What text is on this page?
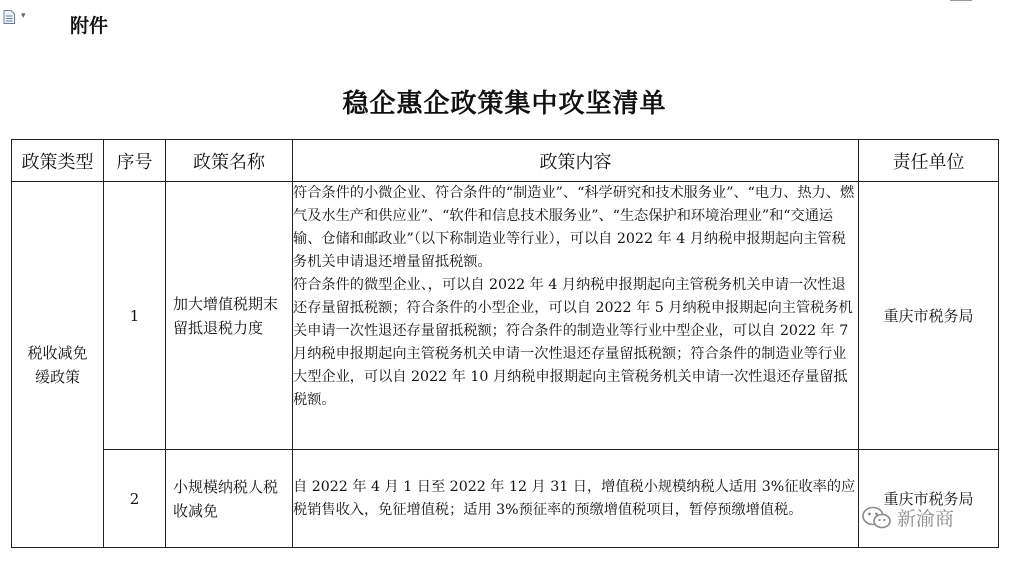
▾ 附件
稳企惠企政策集中攻坚清单
政策类型	序号	政策名称	政策内容	责任单位
税收减免缓政策	1	加大增值税期末留抵退税力度	符合条件的小微企业、符合条件的“制造业”、“科学研究和技术服务业”、“电力、热力、燃气及水生产和供应业”、“软件和信息技术服务业”、“生态保护和环境治理业”和“交通运输、仓储和邮政业”（以下称制造业等行业），可以自 2022 年 4 月纳税申报期起向主管税务机关申请退还增量留抵税额。

符合条件的微型企业、，可以自 2022 年 4 月纳税申报期起向主管税务机关申请一次性退还存量留抵税额；符合条件的小型企业，可以自 2022 年 5 月纳税申报期起向主管税务机关申请一次性退还存量留抵税额；符合条件的制造业等行业中型企业，可以自 2022 年 7 月纳税申报期起向主管税务机关申请一次性退还存量留抵税额；符合条件的制造业等行业大型企业，可以自 2022 年 10 月纳税申报期起向主管税务机关申请一次性退还存量留抵税额。	重庆市税务局
	2	小规模纳税人税收减免	自 2022 年 4 月 1 日至 2022 年 12 月 31 日，增值税小规模纳税人适用 3%征收率的应税销售收入，免征增值税；适用 3%预征率的预缴增值税项目，暂停预缴增值税。	重庆市税务局
新渝商
